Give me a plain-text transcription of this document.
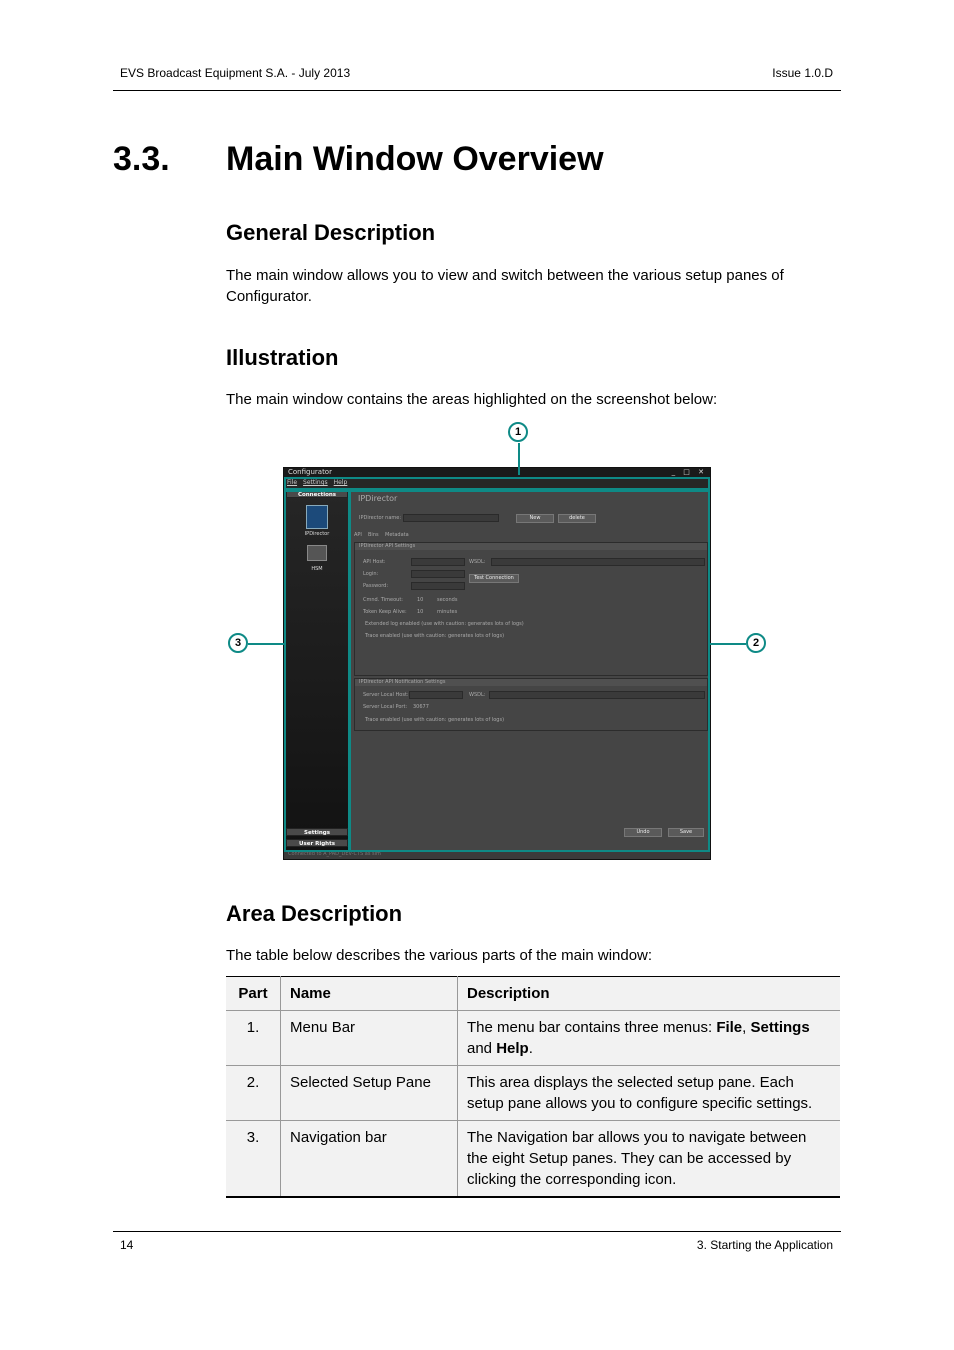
EVS Broadcast Equipment S.A. - July 2013	Issue 1.0.D
3.3. Main Window Overview
General Description
The main window allows you to view and switch between the various setup panes of Configurator.
Illustration
The main window contains the areas highlighted on the screenshot below:
Configurator	_ □ ✕
File Settings Help
Connections
IPDirector
HSM
Settings
User Rights
IPDirector
IPDirector name:	New	delete
API Bins Metadata
IPDirector API Settings
API Host:	WSDL:
Login:
Test Connection
Password:
Cmnd. Timeout:	10	seconds
Token Keep Alive: 10	minutes
Extended log enabled (use with caution: generates lots of logs)
Trace enabled (use with caution: generates lots of logs)
IPDirector API Notification Settings
Server Local Host:	WSDL:
Server Local Port: 30677
Trace enabled (use with caution: generates lots of logs)
Undo	Save
Connected to A_PAD_DEV-CTS as sim
1
2
3
Area Description
The table below describes the various parts of the main window:
Part	Name	Description
1.	Menu Bar	The menu bar contains three menus: File, Settings and Help.
2.	Selected Setup Pane	This area displays the selected setup pane. Each setup pane allows you to configure specific settings.
3.	Navigation bar	The Navigation bar allows you to navigate between the eight Setup panes. They can be accessed by clicking the corresponding icon.
14	3. Starting the Application
